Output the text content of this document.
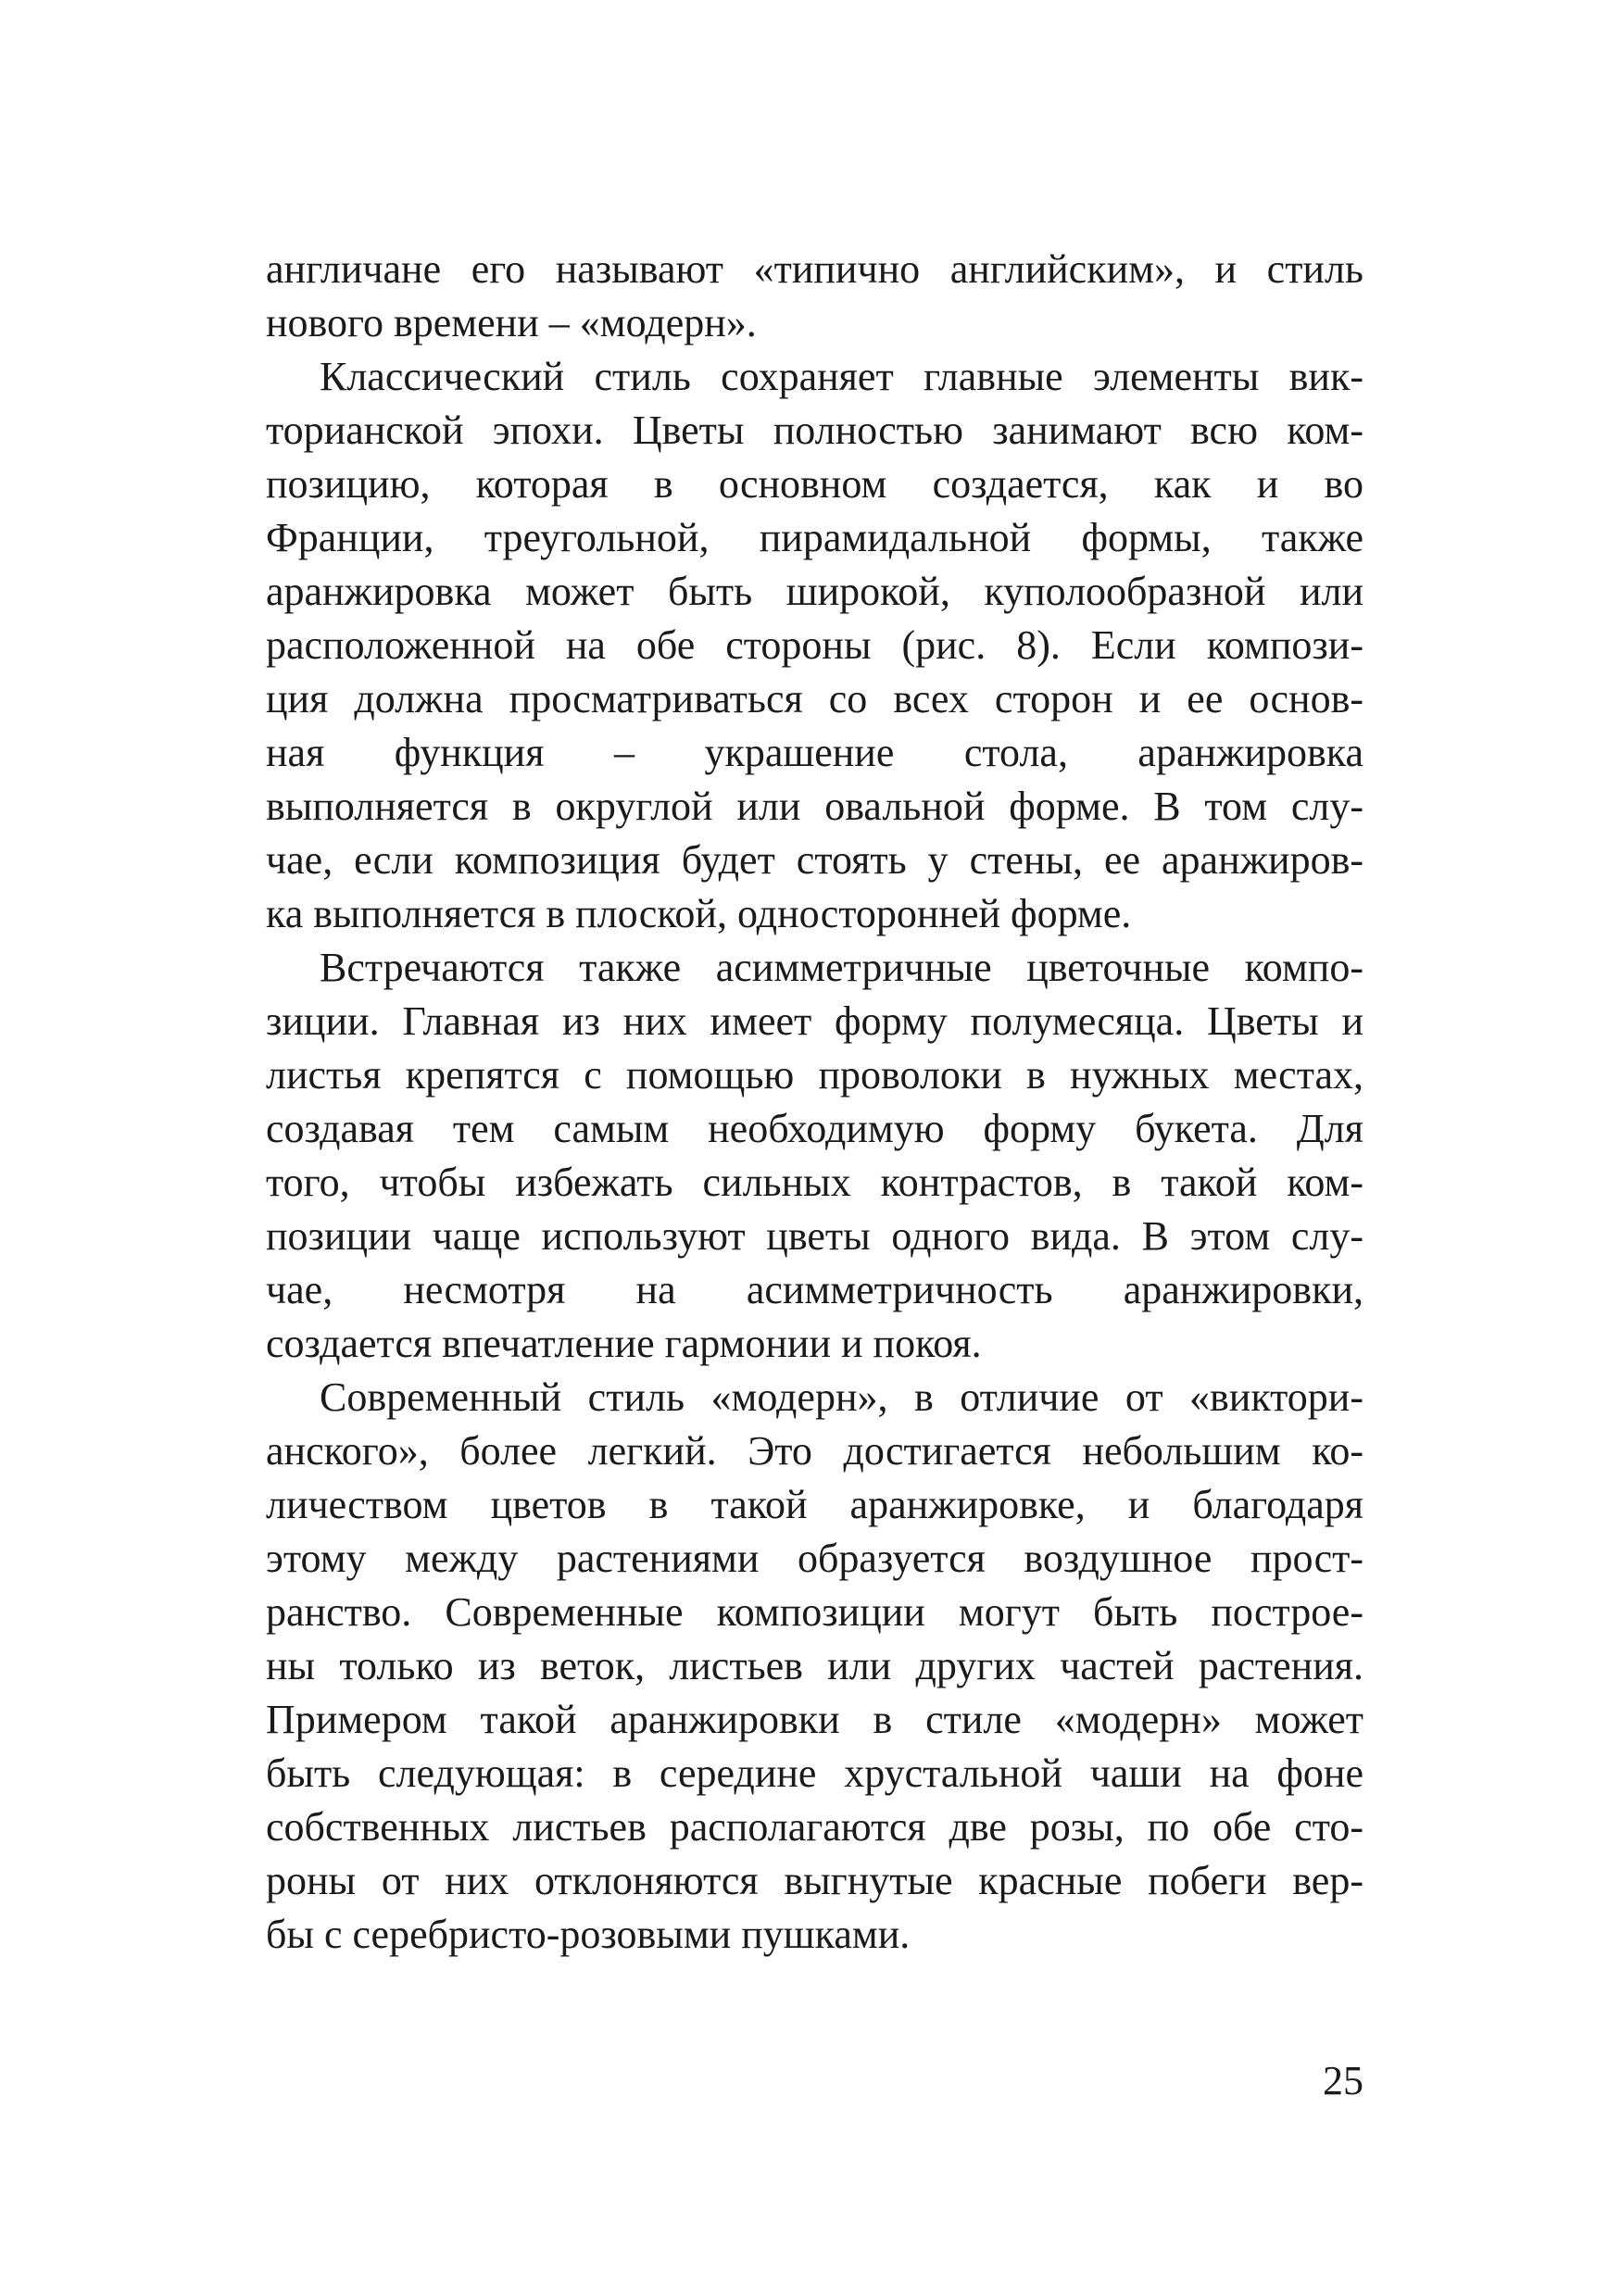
англичане его называют «типично английским», и стиль
нового времени – «модерн».
Классический стиль сохраняет главные элементы вик-
торианской эпохи. Цветы полностью занимают всю ком-
позицию, которая в основном создается, как и во
Франции, треугольной, пирамидальной формы, также
аранжировка может быть широкой, куполообразной или
расположенной на обе стороны (рис. 8). Если компози-
ция должна просматриваться со всех сторон и ее основ-
ная функция – украшение стола, аранжировка
выполняется в округлой или овальной форме. В том слу-
чае, если композиция будет стоять у стены, ее аранжиров-
ка выполняется в плоской, односторонней форме.
Встречаются также асимметричные цветочные компо-
зиции. Главная из них имеет форму полумесяца. Цветы и
листья крепятся с помощью проволоки в нужных местах,
создавая тем самым необходимую форму букета. Для
того, чтобы избежать сильных контрастов, в такой ком-
позиции чаще используют цветы одного вида. В этом слу-
чае, несмотря на асимметричность аранжировки,
создается впечатление гармонии и покоя.
Современный стиль «модерн», в отличие от «виктори-
анского», более легкий. Это достигается небольшим ко-
личеством цветов в такой аранжировке, и благодаря
этому между растениями образуется воздушное прост-
ранство. Современные композиции могут быть построе-
ны только из веток, листьев или других частей растения.
Примером такой аранжировки в стиле «модерн» может
быть следующая: в середине хрустальной чаши на фоне
собственных листьев располагаются две розы, по обе сто-
роны от них отклоняются выгнутые красные побеги вер-
бы с серебристо-розовыми пушками.
25
